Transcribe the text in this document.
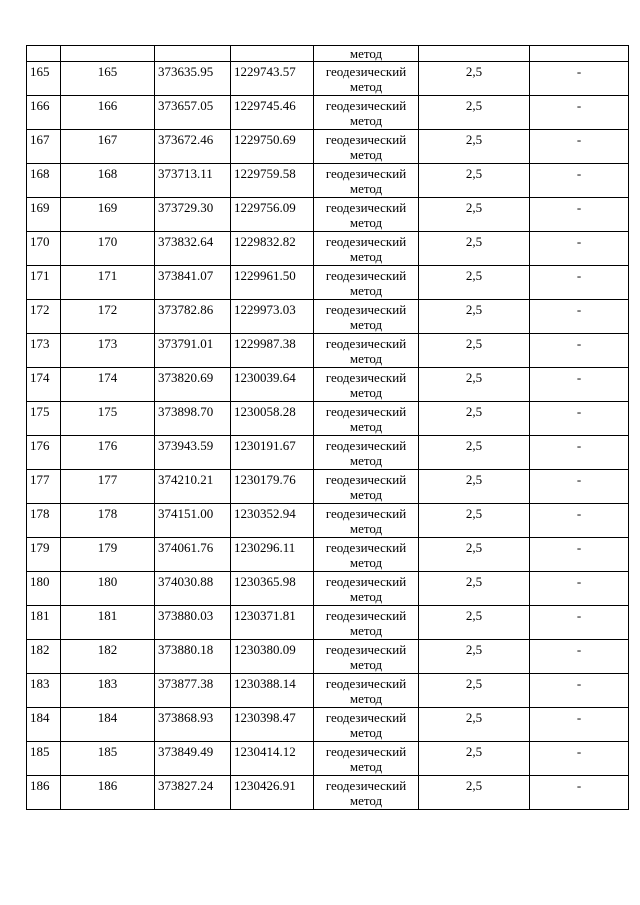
				метод		
165	165	373635.95	1229743.57	геодезический
метод	2,5	-
166	166	373657.05	1229745.46	геодезический
метод	2,5	-
167	167	373672.46	1229750.69	геодезический
метод	2,5	-
168	168	373713.11	1229759.58	геодезический
метод	2,5	-
169	169	373729.30	1229756.09	геодезический
метод	2,5	-
170	170	373832.64	1229832.82	геодезический
метод	2,5	-
171	171	373841.07	1229961.50	геодезический
метод	2,5	-
172	172	373782.86	1229973.03	геодезический
метод	2,5	-
173	173	373791.01	1229987.38	геодезический
метод	2,5	-
174	174	373820.69	1230039.64	геодезический
метод	2,5	-
175	175	373898.70	1230058.28	геодезический
метод	2,5	-
176	176	373943.59	1230191.67	геодезический
метод	2,5	-
177	177	374210.21	1230179.76	геодезический
метод	2,5	-
178	178	374151.00	1230352.94	геодезический
метод	2,5	-
179	179	374061.76	1230296.11	геодезический
метод	2,5	-
180	180	374030.88	1230365.98	геодезический
метод	2,5	-
181	181	373880.03	1230371.81	геодезический
метод	2,5	-
182	182	373880.18	1230380.09	геодезический
метод	2,5	-
183	183	373877.38	1230388.14	геодезический
метод	2,5	-
184	184	373868.93	1230398.47	геодезический
метод	2,5	-
185	185	373849.49	1230414.12	геодезический
метод	2,5	-
186	186	373827.24	1230426.91	геодезический
метод	2,5	-
